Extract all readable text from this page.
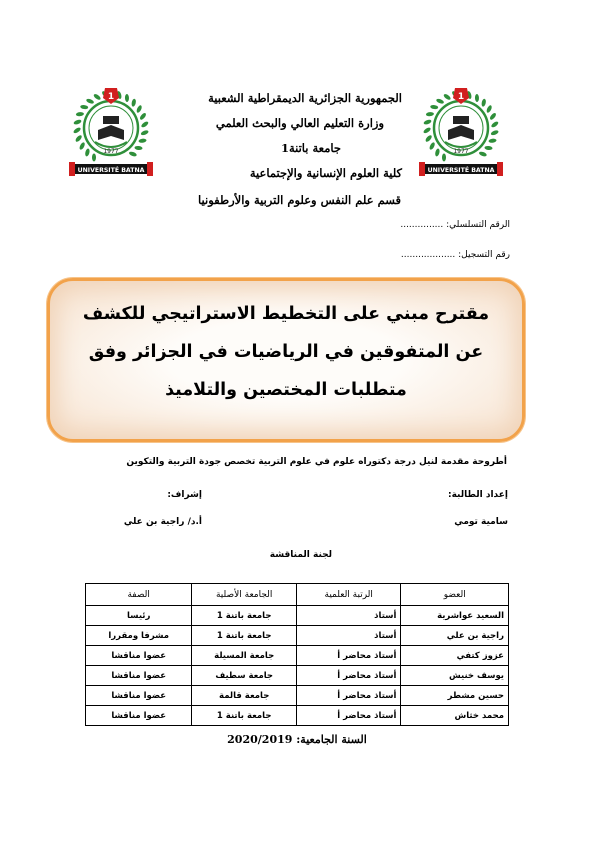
1
1977
UNIVERSITÉ BATNA
1
1977
UNIVERSITÉ BATNA
الجمهورية الجزائرية الديمقراطية الشعبية
وزارة التعليم العالي والبحث العلمي
جامعة باتنة1
كلية العلوم الإنسانية والإجتماعية
قسم علم النفس وعلوم التربية والأرطفونيا
الرقم التسلسلي: ...............
رقم التسجيل: ...................
مقترح مبني على التخطيط الاستراتيجي للكشف عن المتفوقين في الرياضيات في الجزائر وفق متطلبات المختصين والتلاميذ
أطروحة مقدمة لنيل درجة دكتوراه علوم في علوم التربية تخصص جودة التربية والتكوين
إعداد الطالبة:
سامية تومي
إشراف:
أ.د/ راجية بن علي
لجنة المناقشة
العضو	الرتبة العلمية	الجامعة الأصلية	الصفة
السعيد عواشرية	أستاذ	جامعة باتنة 1	رئيسا
راجية بن علي	أستاذ	جامعة باتنة 1	مشرفا ومقررا
عزوز كتفي	أستاذ محاضر أ	جامعة المسيلة	عضوا مناقشا
يوسف خنيش	أستاذ محاضر أ	جامعة سطيف	عضوا مناقشا
حسين مشطر	أستاذ محاضر أ	جامعة قالمة	عضوا مناقشا
محمد خثاش	أستاذ محاضر أ	جامعة باتنة 1	عضوا مناقشا
السنة الجامعية: 2020/2019
